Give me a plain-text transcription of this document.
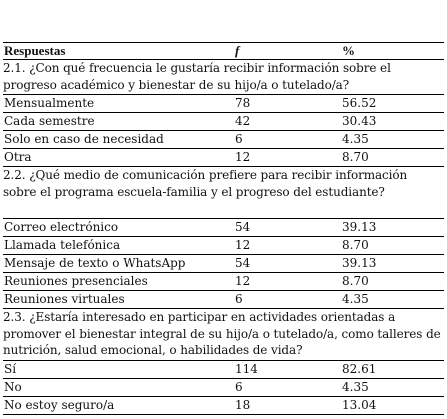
Respuestas	f	%
2.1. ¿Con qué frecuencia le gustaría recibir información sobre el progreso académico y bienestar de su hijo/a o tutelado/a?
Mensualmente	78	56.52
Cada semestre	42	30.43
Solo en caso de necesidad	6	4.35
Otra	12	8.70
2.2. ¿Qué medio de comunicación prefiere para recibir información sobre el programa escuela-familia y el progreso del estudiante?
Correo electrónico	54	39.13
Llamada telefónica	12	8.70
Mensaje de texto o WhatsApp	54	39.13
Reuniones presenciales	12	8.70
Reuniones virtuales	6	4.35
2.3. ¿Estaría interesado en participar en actividades orientadas a promover el bienestar integral de su hijo/a o tutelado/a, como talleres de nutrición, salud emocional, o habilidades de vida?
Sí	114	82.61
No	6	4.35
No estoy seguro/a	18	13.04
